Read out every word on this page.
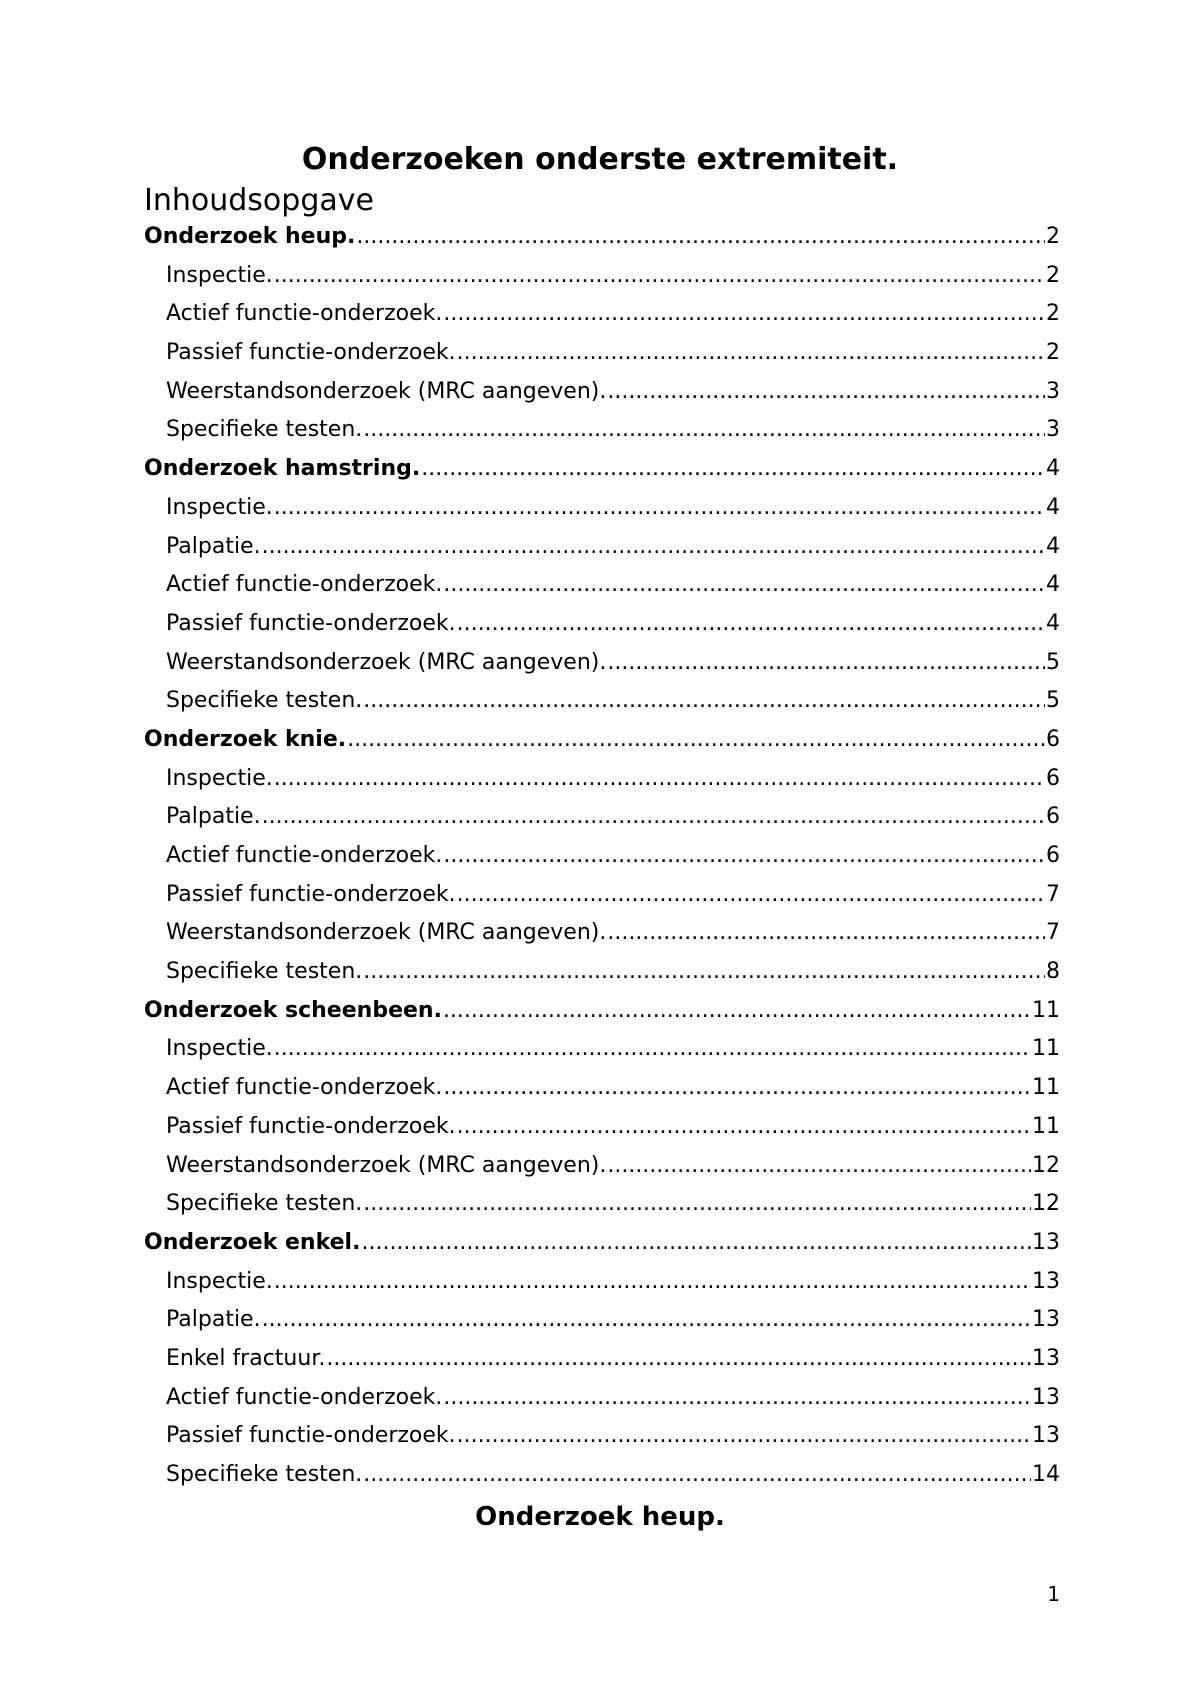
Onderzoeken onderste extremiteit.
Inhoudsopgave
Onderzoek heup. .....	2
Inspectie. .....	2
Actief functie-onderzoek. .....	2
Passief functie-onderzoek. .....	2
Weerstandsonderzoek (MRC aangeven). .....	3
Specifieke testen. .....	3
Onderzoek hamstring. .....	4
Inspectie. .....	4
Palpatie. .....	4
Actief functie-onderzoek. .....	4
Passief functie-onderzoek. .....	4
Weerstandsonderzoek (MRC aangeven). .....	5
Specifieke testen. .....	5
Onderzoek knie. .....	6
Inspectie. .....	6
Palpatie. .....	6
Actief functie-onderzoek. .....	6
Passief functie-onderzoek. .....	7
Weerstandsonderzoek (MRC aangeven). .....	7
Specifieke testen. .....	8
Onderzoek scheenbeen. .....	11
Inspectie. .....	11
Actief functie-onderzoek. .....	11
Passief functie-onderzoek. .....	11
Weerstandsonderzoek (MRC aangeven). .....	12
Specifieke testen. .....	12
Onderzoek enkel. .....	13
Inspectie. .....	13
Palpatie. .....	13
Enkel fractuur. .....	13
Actief functie-onderzoek. .....	13
Passief functie-onderzoek. .....	13
Specifieke testen. .....	14
Onderzoek heup.
1
